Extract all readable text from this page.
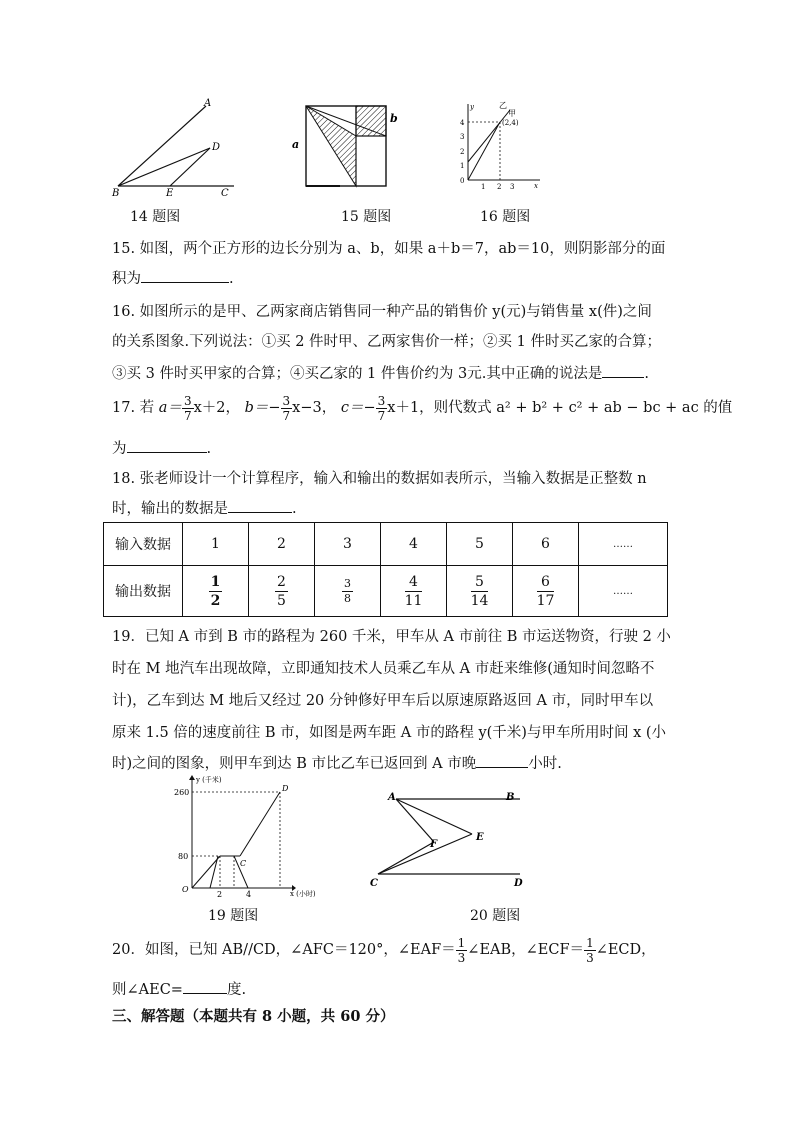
A
D
B	E	C
14 题图
a
b
15 题图
y
x
乙
甲
(2,4)
4
3
2
1
0
1 2 3
16 题图
15. 如图，两个正方形的边长分别为 a、b，如果 a＋b＝7，ab＝10，则阴影部分的面
积为	.
16. 如图所示的是甲、乙两家商店销售同一种产品的销售价 y(元)与销售量 x(件)之间
的关系图象.下列说法：①买 2 件时甲、乙两家售价一样；②买 1 件时买乙家的合算；
③买 3 件时买甲家的合算；④买乙家的 1 件售价约为 3元.其中正确的说法是	.
17. 若 $a= \frac{3}{7} x+2$， $b=- \frac{3}{7} x-3$， $c=- \frac{3}{7} x+1$，则代数式 a² + b² + c² + ab − bc + ac 的值
为	.
18. 张老师设计一个计算程序，输入和输出的数据如表所示，当输入数据是正整数 n
时，输出的数据是	.
输入数据	1	2	3	4	5	6	……
输出数据	$\frac{1}{2}$	$\frac{2}{5}$	$\frac{3}{8}$	$\frac{4}{11}$	$\frac{5}{14}$	$\frac{6}{17}$	……
19．已知 A 市到 B 市的路程为 260 千米，甲车从 A 市前往 B 市运送物资，行驶 2 小
时在 M 地汽车出现故障，立即通知技术人员乘乙车从 A 市赶来维修(通知时间忽略不
计)，乙车到达 M 地后又经过 20 分钟修好甲车后以原速原路返回 A 市，同时甲车以
原来 1.5 倍的速度前往 B 市，如图是两车距 A 市的路程 y(千米)与甲车所用时间 x (小
时)之间的图象，则甲车到达 B 市比乙车已返回到 A 市晚	小时.
y (千米)
x (小时)
260
80
O
2	4
C
D
19 题图
A	B
E
F
C	D
20 题图
20．如图，已知 AB//CD，∠AFC＝120°，∠EAF＝ $\frac{1}{3}$ ∠EAB，∠ECF＝ $\frac{1}{3}$ ∠ECD，
则∠AEC=	度.
三、解答题（本题共有 8 小题，共 60 分）
